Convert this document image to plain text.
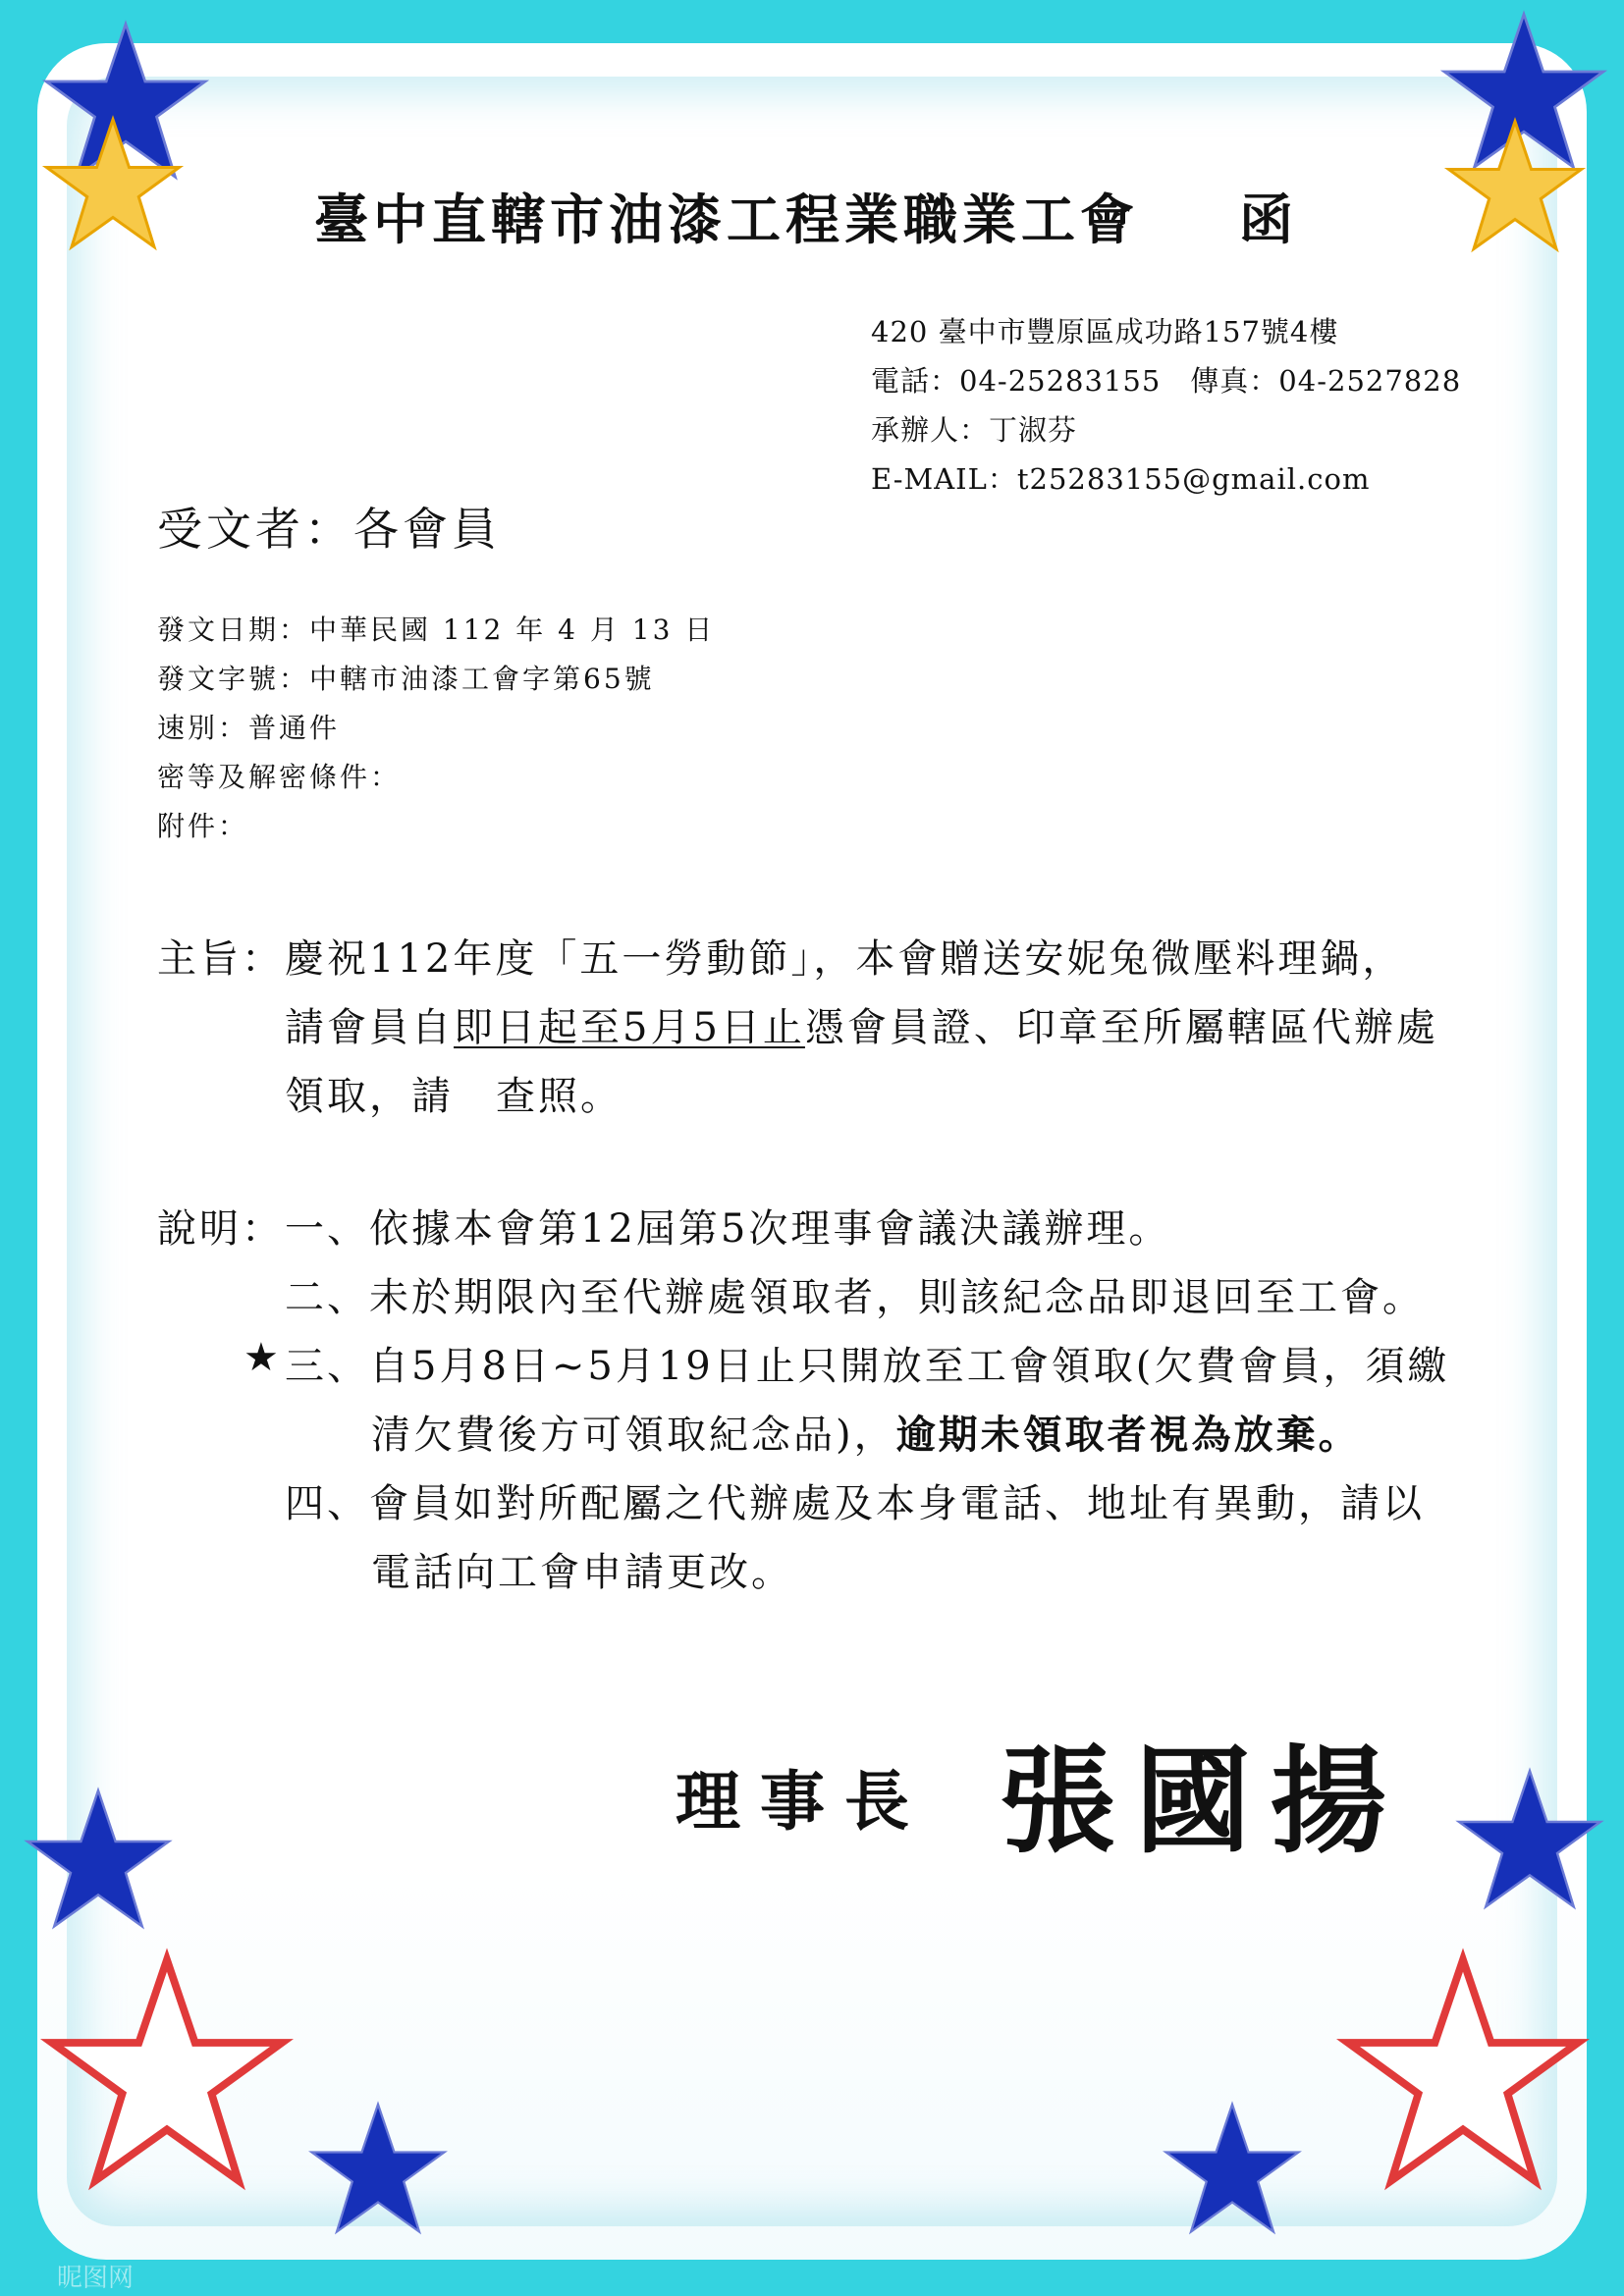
臺中直轄市油漆工程業職業工會 函
420 臺中市豐原區成功路157號4樓
電話：04-25283155　傳真：04-2527828
承辦人：丁淑芬
E-MAIL：t25283155@gmail.com
受文者：各會員
發文日期：中華民國 112 年 4 月 13 日
發文字號：中轄市油漆工會字第65號
速別：普通件
密等及解密條件：
附件：
主旨： 慶祝112年度「五一勞動節」，本會贈送安妮兔微壓料理鍋，
請會員自即日起至5月5日止憑會員證、印章至所屬轄區代辦處
領取，請　查照。
說明： 一、依據本會第12屆第5次理事會議決議辦理。
二、未於期限內至代辦處領取者，則該紀念品即退回至工會。
★ 三、自5月8日~5月19日止只開放至工會領取(欠費會員，須繳
清欠費後方可領取紀念品)，逾期未領取者視為放棄。
四、會員如對所配屬之代辦處及本身電話、地址有異動，請以
電話向工會申請更改。
理事長 張國揚
昵图网
